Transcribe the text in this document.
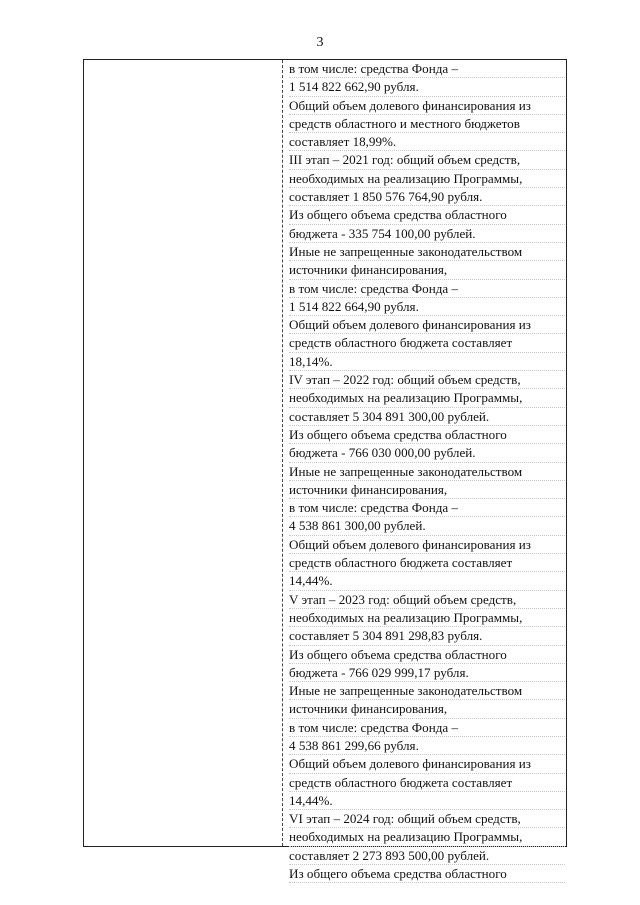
3
в том числе: средства Фонда –
1 514 822 662,90 рубля.
Общий объем долевого финансирования из
средств областного и местного бюджетов
составляет 18,99%.
III этап – 2021 год: общий объем средств,
необходимых на реализацию Программы,
составляет 1 850 576 764,90 рубля.
Из общего объема средства областного
бюджета - 335 754 100,00 рублей.
Иные не запрещенные законодательством
источники финансирования,
в том числе: средства Фонда –
1 514 822 664,90 рубля.
Общий объем долевого финансирования из
средств областного бюджета составляет
18,14%.
IV этап – 2022 год: общий объем средств,
необходимых на реализацию Программы,
составляет 5 304 891 300,00 рублей.
Из общего объема средства областного
бюджета - 766 030 000,00 рублей.
Иные не запрещенные законодательством
источники финансирования,
в том числе: средства Фонда –
4 538 861 300,00 рублей.
Общий объем долевого финансирования из
средств областного бюджета составляет
14,44%.
V этап – 2023 год: общий объем средств,
необходимых на реализацию Программы,
составляет 5 304 891 298,83 рубля.
Из общего объема средства областного
бюджета - 766 029 999,17 рубля.
Иные не запрещенные законодательством
источники финансирования,
в том числе: средства Фонда –
4 538 861 299,66 рубля.
Общий объем долевого финансирования из
средств областного бюджета составляет
14,44%.
VI этап – 2024 год: общий объем средств,
необходимых на реализацию Программы,
составляет 2 273 893 500,00 рублей.
Из общего объема средства областного
